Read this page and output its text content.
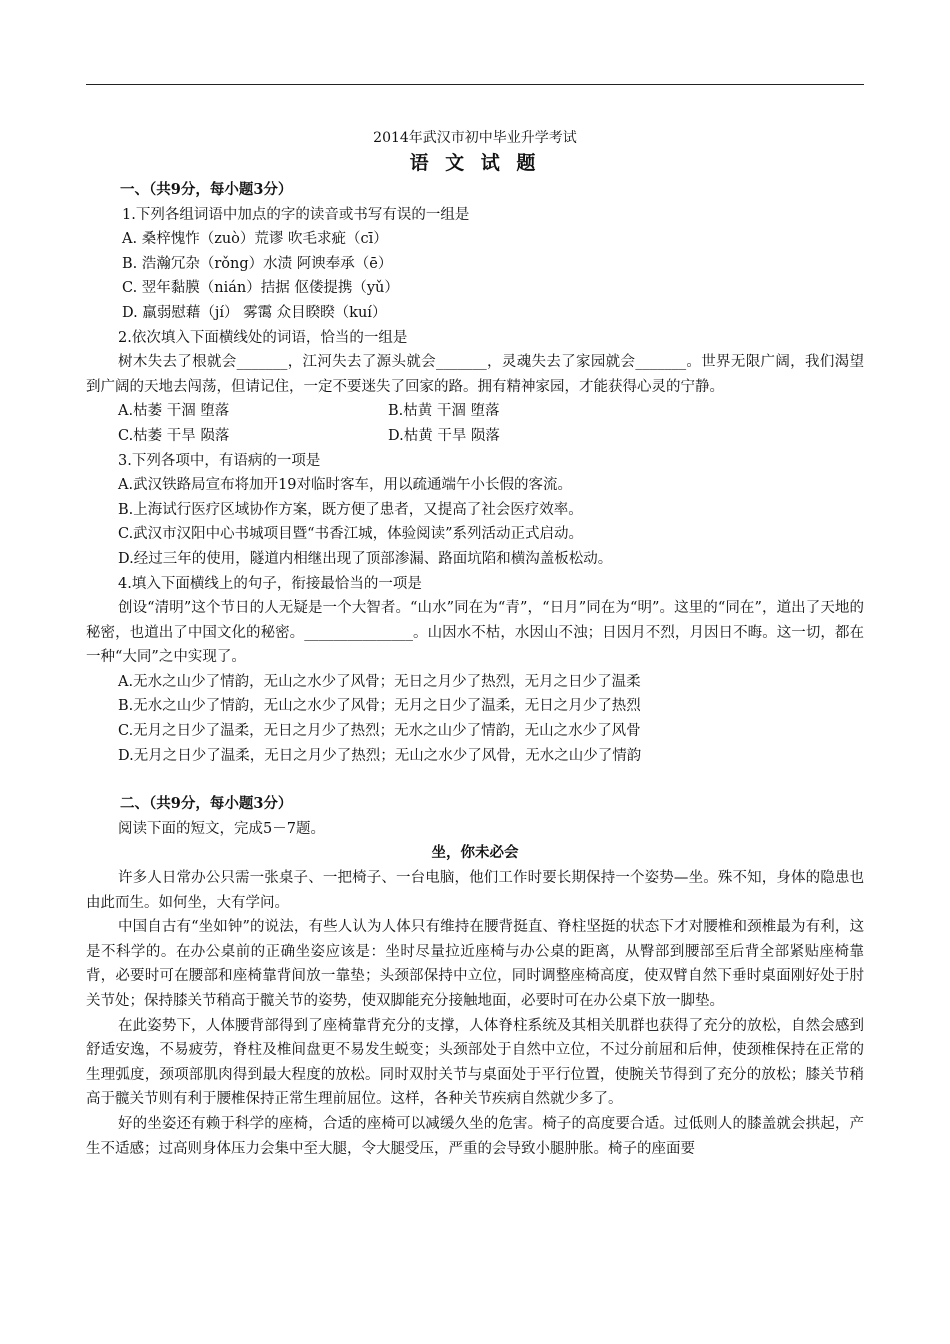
2014年武汉市初中毕业升学考试
语 文 试 题
一、（共9分，每小题3分）
1.下列各组词语中加点的字的读音或书写有误的一组是
A. 桑梓愧怍（zuò）荒谬 吹毛求疵（cī）
B. 浩瀚冗杂（rǒng）水渍 阿谀奉承（ē）
C. 翌年黏膜（nián）拮据 伛偻提携（yǔ）
D. 羸弱慰藉（jí） 雾霭 众目睽睽（kuí）
2.依次填入下面横线处的词语，恰当的一组是
树木失去了根就会_______，江河失去了源头就会_______，灵魂失去了家园就会_______。世界无限广阔，我们渴望到广阔的天地去闯荡，但请记住，一定不要迷失了回家的路。拥有精神家园，才能获得心灵的宁静。
A.枯萎 干涸 堕落	B.枯黄 干涸 堕落
C.枯萎 干旱 陨落	D.枯黄 干旱 陨落
3.下列各项中，有语病的一项是
A.武汉铁路局宣布将加开19对临时客车，用以疏通端午小长假的客流。
B.上海试行医疗区域协作方案，既方便了患者，又提高了社会医疗效率。
C.武汉市汉阳中心书城项目暨“书香江城，体验阅读”系列活动正式启动。
D.经过三年的使用，隧道内相继出现了顶部渗漏、路面坑陷和横沟盖板松动。
4.填入下面横线上的句子，衔接最恰当的一项是
创设“清明”这个节日的人无疑是一个大智者。“山水”同在为“青”，“日月”同在为“明”。这里的“同在”，道出了天地的秘密，也道出了中国文化的秘密。_______________。山因水不枯，水因山不浊；日因月不烈，月因日不晦。这一切，都在一种“大同”之中实现了。
A.无水之山少了情韵，无山之水少了风骨；无日之月少了热烈，无月之日少了温柔
B.无水之山少了情韵，无山之水少了风骨；无月之日少了温柔，无日之月少了热烈
C.无月之日少了温柔，无日之月少了热烈；无水之山少了情韵，无山之水少了风骨
D.无月之日少了温柔，无日之月少了热烈；无山之水少了风骨，无水之山少了情韵
二、（共9分，每小题3分）
阅读下面的短文，完成5－7题。
坐，你未必会
许多人日常办公只需一张桌子、一把椅子、一台电脑，他们工作时要长期保持一个姿势—坐。殊不知，身体的隐患也由此而生。如何坐，大有学问。
中国自古有“坐如钟”的说法，有些人认为人体只有维持在腰背挺直、脊柱坚挺的状态下才对腰椎和颈椎最为有利，这是不科学的。在办公桌前的正确坐姿应该是：坐时尽量拉近座椅与办公桌的距离，从臀部到腰部至后背全部紧贴座椅靠背，必要时可在腰部和座椅靠背间放一靠垫；头颈部保持中立位，同时调整座椅高度，使双臂自然下垂时桌面刚好处于肘关节处；保持膝关节稍高于髋关节的姿势，使双脚能充分接触地面，必要时可在办公桌下放一脚垫。
在此姿势下，人体腰背部得到了座椅靠背充分的支撑，人体脊柱系统及其相关肌群也获得了充分的放松，自然会感到舒适安逸，不易疲劳，脊柱及椎间盘更不易发生蜕变；头颈部处于自然中立位，不过分前屈和后伸，使颈椎保持在正常的生理弧度，颈项部肌肉得到最大程度的放松。同时双肘关节与桌面处于平行位置，使腕关节得到了充分的放松；膝关节稍高于髋关节则有利于腰椎保持正常生理前屈位。这样，各种关节疾病自然就少多了。
好的坐姿还有赖于科学的座椅，合适的座椅可以减缓久坐的危害。椅子的高度要合适。过低则人的膝盖就会拱起，产生不适感；过高则身体压力会集中至大腿，令大腿受压，严重的会导致小腿肿胀。椅子的座面要
